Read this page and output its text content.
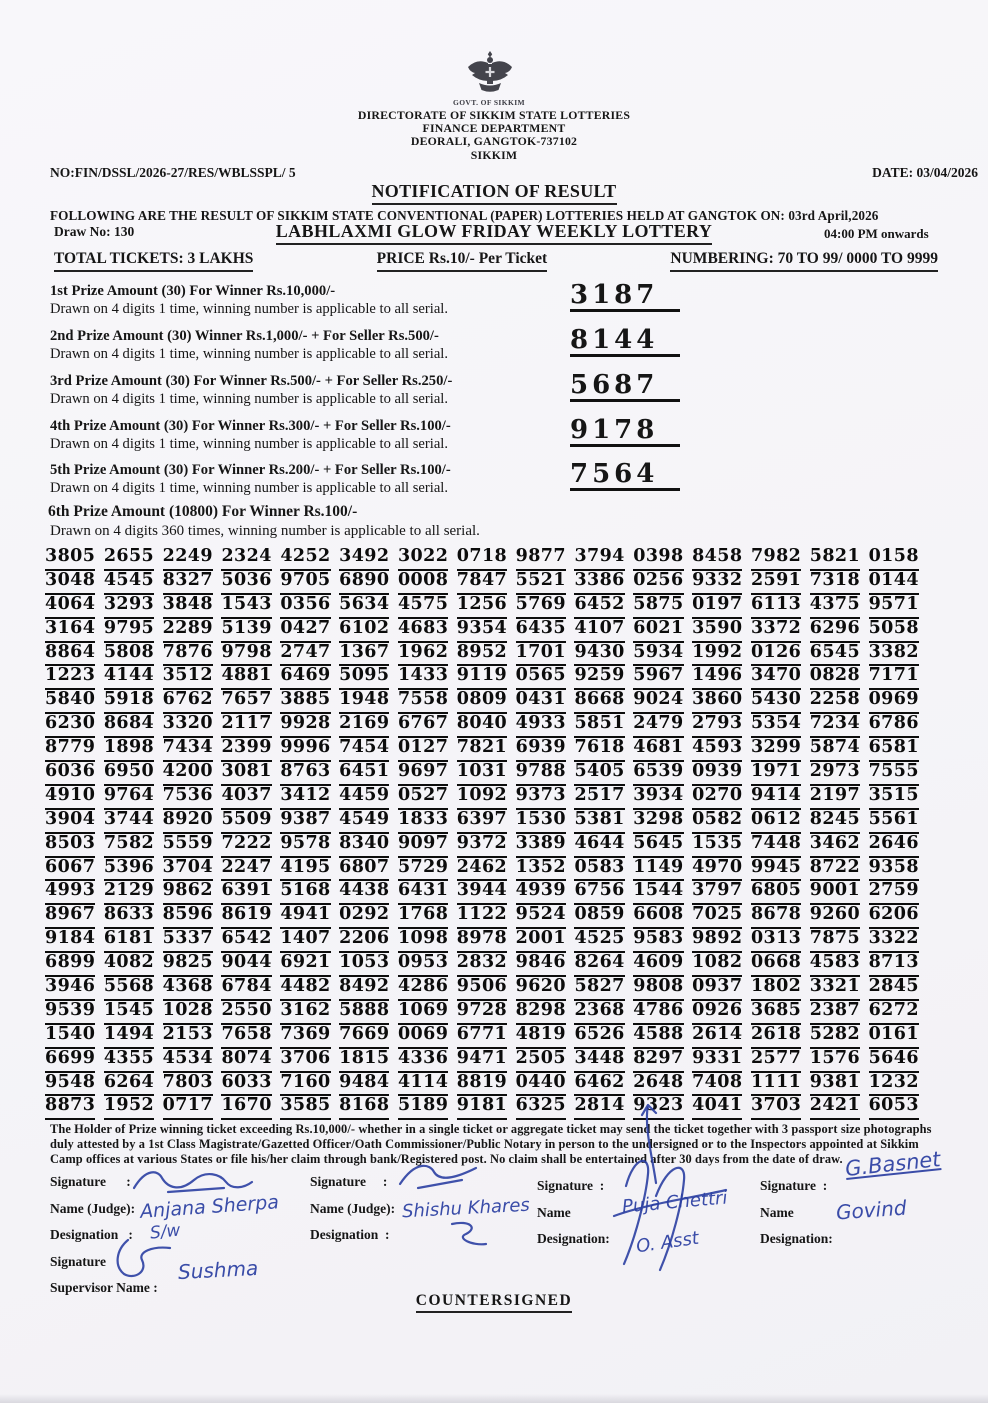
GOVT. OF SIKKIM
DIRECTORATE OF SIKKIM STATE LOTTERIES
FINANCE DEPARTMENT
DEORALI, GANGTOK-737102
SIKKIM
NO:FIN/DSSL/2026-27/RES/WBLSSPL/ 5	DATE: 03/04/2026
NOTIFICATION OF RESULT
FOLLOWING ARE THE RESULT OF SIKKIM STATE CONVENTIONAL (PAPER) LOTTERIES HELD AT GANGTOK ON: 03rd April,2026
Draw No: 130	LABHLAXMI GLOW FRIDAY WEEKLY LOTTERY	04:00 PM onwards
TOTAL TICKETS: 3 LAKHS	PRICE Rs.10/- Per Ticket	NUMBERING: 70 TO 99/ 0000 TO 9999
1st Prize Amount (30) For Winner Rs.10,000/-
Drawn on 4 digits 1 time, winning number is applicable to all serial.	3187
2nd Prize Amount (30) Winner Rs.1,000/- + For Seller Rs.500/-
Drawn on 4 digits 1 time, winning number is applicable to all serial.	8144
3rd Prize Amount (30) For Winner Rs.500/- + For Seller Rs.250/-
Drawn on 4 digits 1 time, winning number is applicable to all serial.	5687
4th Prize Amount (30) For Winner Rs.300/- + For Seller Rs.100/-
Drawn on 4 digits 1 time, winning number is applicable to all serial.	9178
5th Prize Amount (30) For Winner Rs.200/- + For Seller Rs.100/-
Drawn on 4 digits 1 time, winning number is applicable to all serial.	7564
6th Prize Amount (10800) For Winner Rs.100/-
Drawn on 4 digits 360 times, winning number is applicable to all serial.
3805 2655 2249 2324 4252 3492 3022 0718 9877 3794 0398 8458 7982 5821 0158
3048 4545 8327 5036 9705 6890 0008 7847 5521 3386 0256 9332 2591 7318 0144
4064 3293 3848 1543 0356 5634 4575 1256 5769 6452 5875 0197 6113 4375 9571
3164 9795 2289 5139 0427 6102 4683 9354 6435 4107 6021 3590 3372 6296 5058
8864 5808 7876 9798 2747 1367 1962 8952 1701 9430 5934 1992 0126 6545 3382
1223 4144 3512 4881 6469 5095 1433 9119 0565 9259 5967 1496 3470 0828 7171
5840 5918 6762 7657 3885 1948 7558 0809 0431 8668 9024 3860 5430 2258 0969
6230 8684 3320 2117 9928 2169 6767 8040 4933 5851 2479 2793 5354 7234 6786
8779 1898 7434 2399 9996 7454 0127 7821 6939 7618 4681 4593 3299 5874 6581
6036 6950 4200 3081 8763 6451 9697 1031 9788 5405 6539 0939 1971 2973 7555
4910 9764 7536 4037 3412 4459 0527 1092 9373 2517 3934 0270 9414 2197 3515
3904 3744 8920 5509 9387 4549 1833 6397 1530 5381 3298 0582 0612 8245 5561
8503 7582 5559 7222 9578 8340 9097 9372 3389 4644 5645 1535 7448 3462 2646
6067 5396 3704 2247 4195 6807 5729 2462 1352 0583 1149 4970 9945 8722 9358
4993 2129 9862 6391 5168 4438 6431 3944 4939 6756 1544 3797 6805 9001 2759
8967 8633 8596 8619 4941 0292 1768 1122 9524 0859 6608 7025 8678 9260 6206
9184 6181 5337 6542 1407 2206 1098 8978 2001 4525 9583 9892 0313 7875 3322
6899 4082 9825 9044 6921 1053 0953 2832 9846 8264 4609 1082 0668 4583 8713
3946 5568 4368 6784 4482 8492 4286 9506 9620 5827 9808 0937 1802 3321 2845
9539 1545 1028 2550 3162 5888 1069 9728 8298 2368 4786 0926 3685 2387 6272
1540 1494 2153 7658 7369 7669 0069 6771 4819 6526 4588 2614 2618 5282 0161
6699 4355 4534 8074 3706 1815 4336 9471 2505 3448 8297 9331 2577 1576 5646
9548 6264 7803 6033 7160 9484 4114 8819 0440 6462 2648 7408 1111 9381 1232
8873 1952 0717 1670 3585 8168 5189 9181 6325 2814 9323 4041 3703 2421 6053
The Holder of Prize winning ticket exceeding Rs.10,000/- whether in a single ticket or aggregate ticket may send the ticket together with 3 passport size photographs
duly attested by a 1st Class Magistrate/Gazetted Officer/Oath Commissioner/Public Notary in person to the undersigned or to the Inspectors appointed at Sikkim
Camp offices at various States or file his/her claim through bank/Registered post. No claim shall be entertained after 30 days from the date of draw.
Signature      :
Name (Judge):
Designation   :
Signature
Supervisor Name :
Signature     :
Name (Judge):
Designation  :
Signature  :
Name
Designation:
Signature  :
Name
Designation:
Anjana Sherpa
S/w
Sushma
Shishu Khares	Puja Chettri
O. Asst
G.Basnet
Govind
COUNTERSIGNED
